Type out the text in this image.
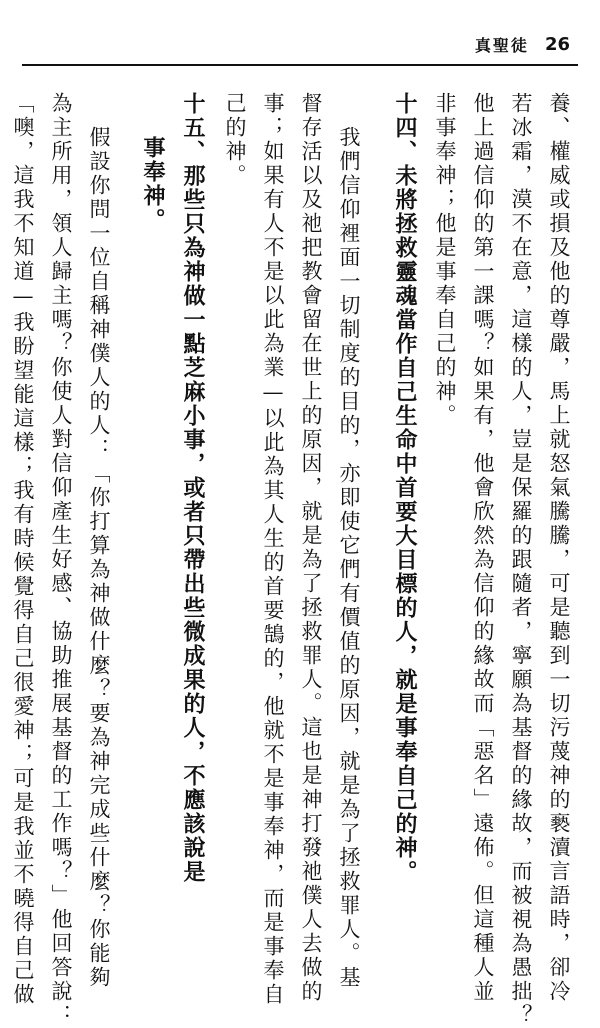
真聖徒 26
養、權威或損及他的尊嚴，馬上就怒氣騰騰，可是聽到一切污蔑神的褻瀆言語時，卻冷
若冰霜，漠不在意，這樣的人，豈是保羅的跟隨者，寧願為基督的緣故，而被視為愚拙？
他上過信仰的第一課嗎？如果有，他會欣然為信仰的緣故而「惡名」遠佈。但這種人並
非事奉神；他是事奉自己的神。
十四、未將拯救靈魂當作自己生命中首要大目標的人，就是事奉自己的神。
我們信仰裡面一切制度的目的，亦即使它們有價值的原因，就是為了拯救罪人。基
督存活以及祂把教會留在世上的原因，就是為了拯救罪人。這也是神打發祂僕人去做的
事；如果有人不是以此為業—以此為其人生的首要鵠的，他就不是事奉神，而是事奉自
己的神。
十五、那些只為神做一點芝麻小事，或者只帶出些微成果的人，不應該說是
事奉神。
假設你問一位自稱神僕人的人：「你打算為神做什麼？要為神完成些什麼？你能夠
為主所用，領人歸主嗎？你使人對信仰產生好感、協助推展基督的工作嗎？」他回答說：
「噢，這我不知道—我盼望能這樣；我有時候覺得自己很愛神；可是我並不曉得自己做
